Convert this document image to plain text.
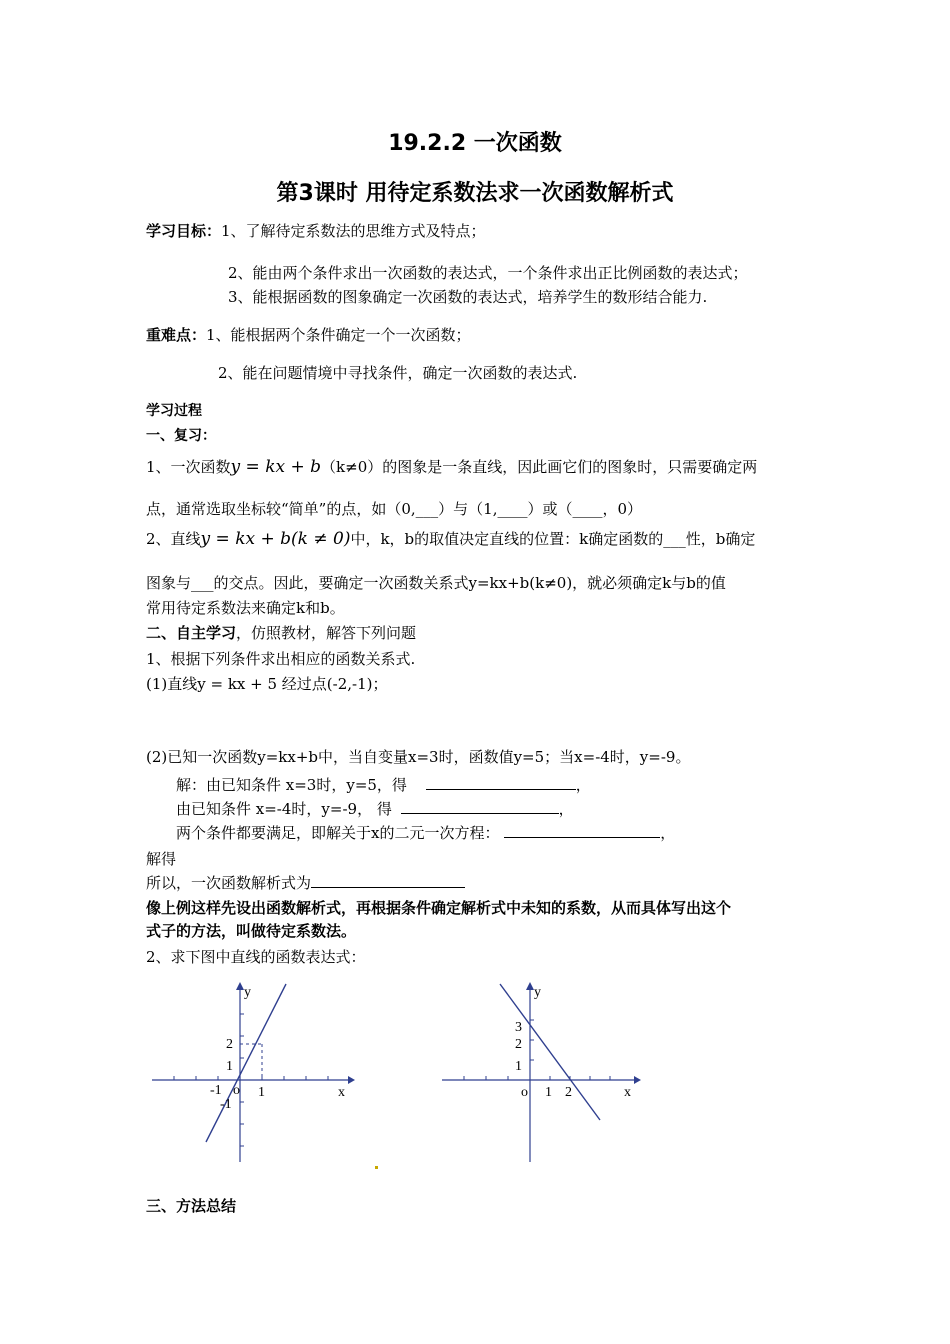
19.2.2 一次函数
第3课时 用待定系数法求一次函数解析式
学习目标：1、了解待定系数法的思维方式及特点；
2、能由两个条件求出一次函数的表达式，一个条件求出正比例函数的表达式；
3、能根据函数的图象确定一次函数的表达式，培养学生的数形结合能力.
重难点：1、能根据两个条件确定一个一次函数；
2、能在问题情境中寻找条件，确定一次函数的表达式.
学习过程
一、复习：
1、一次函数y = kx + b（k≠0）的图象是一条直线，因此画它们的图象时，只需要确定两
点，通常选取坐标较“简单”的点，如（0,___）与（1,____）或（____，0）
2、直线y = kx + b(k ≠ 0)中，k，b的取值决定直线的位置：k确定函数的___性，b确定
图象与___的交点。因此，要确定一次函数关系式y=kx+b(k≠0)，就必须确定k与b的值
常用待定系数法来确定k和b。
二、自主学习，仿照教材，解答下列问题
1、根据下列条件求出相应的函数关系式.
(1)直线y = kx + 5 经过点(-2,-1)；
(2)已知一次函数y=kx+b中，当自变量x=3时，函数值y=5；当x=-4时，y=-9。
解：由已知条件 x=3时，y=5，得	，
由已知条件 x=-4时，y=-9， 得	，
两个条件都要满足，即解关于x的二元一次方程：	，
解得
所以，一次函数解析式为
像上例这样先设出函数解析式，再根据条件确定解析式中未知的系数，从而具体写出这个
式子的方法，叫做待定系数法。
2、求下图中直线的函数表达式：
y
x
o
-1	1
2
1
-1
y
x
o 1 2
3
2
1
三、方法总结
